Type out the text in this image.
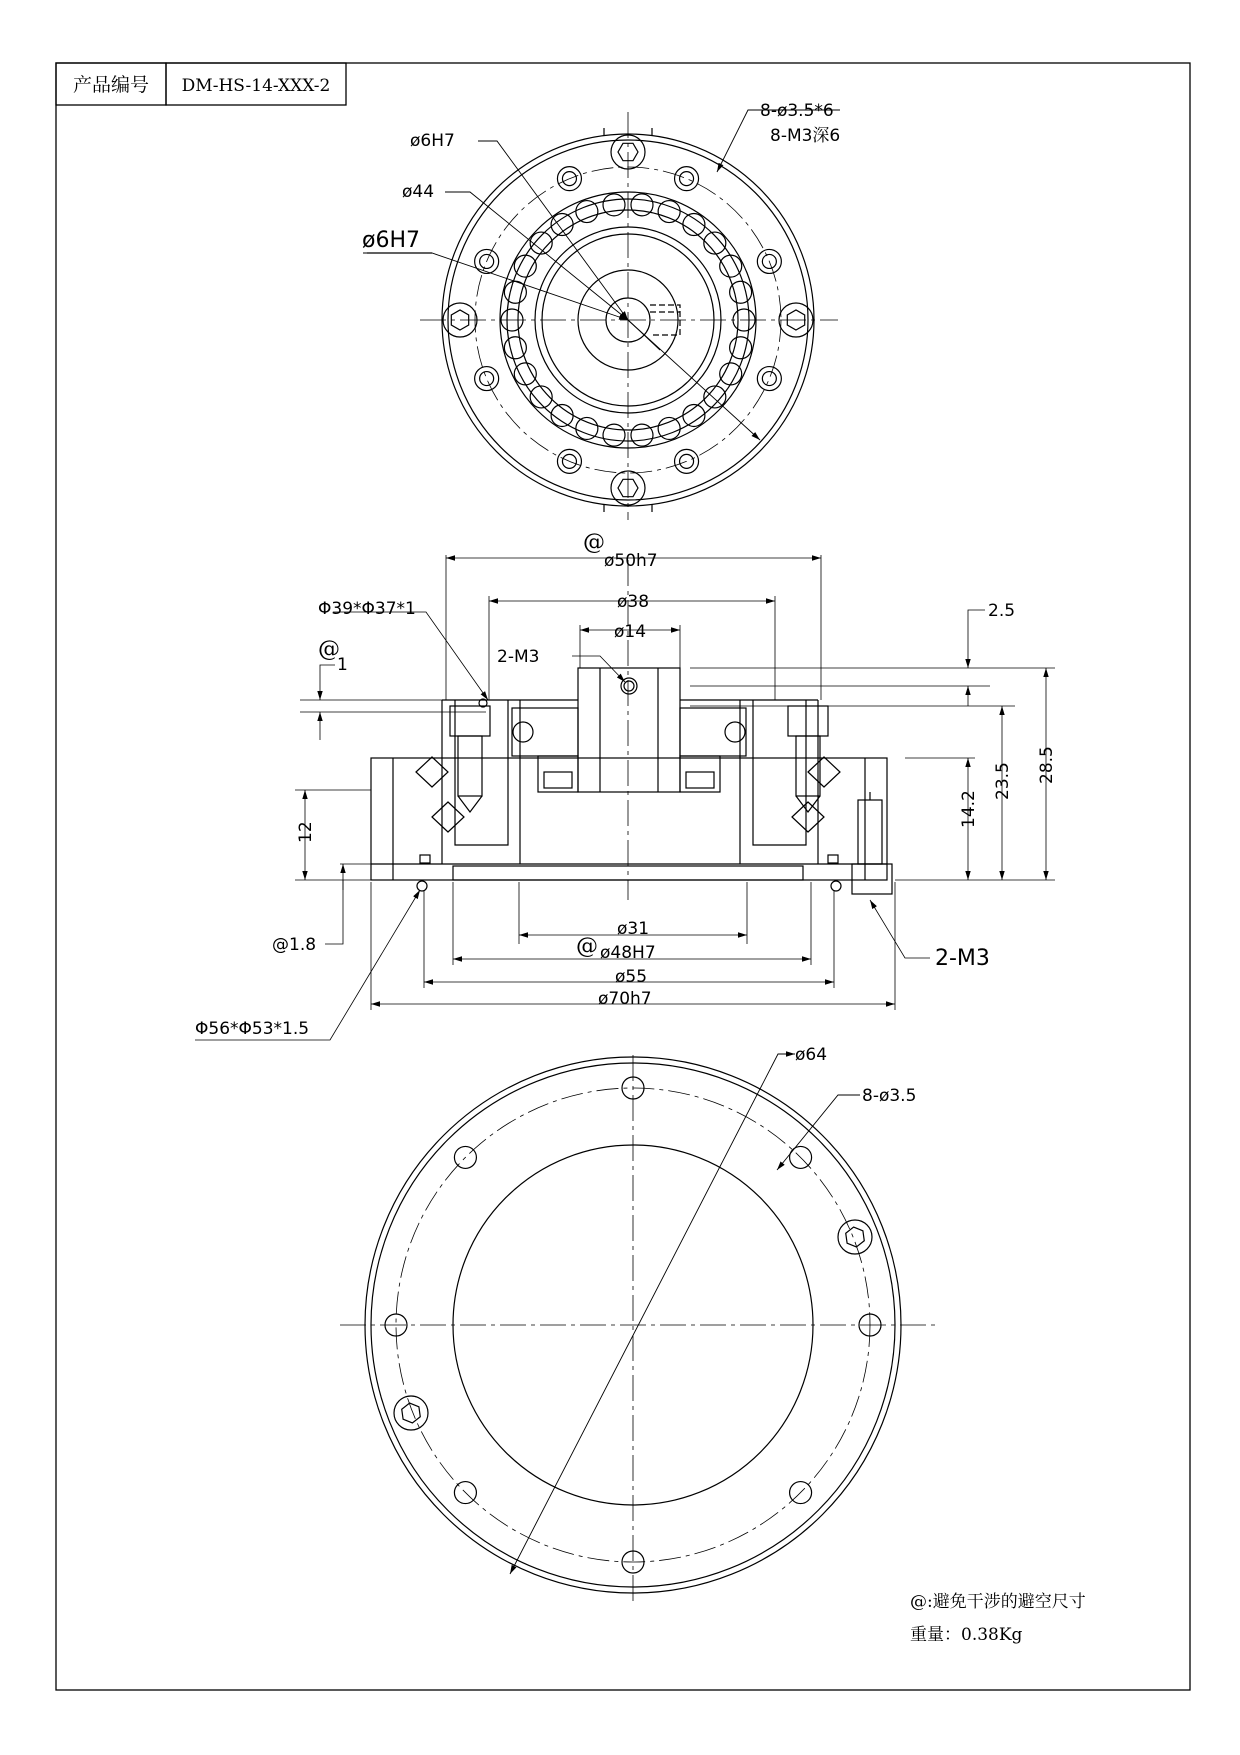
产品编号 DM-HS-14-XXX-2
8-ø3.5*6
8-M3深6
ø6H7
ø44
ø6H7
@
ø50h7
ø38
ø14
2-M3
Φ39*Φ37*1
@
1
2.5
14.2
23.5 28.5
12
@1.8
2-M3
ø31
@ ø48H7
ø55
ø70h7
Φ56*Φ53*1.5
ø64
8-ø3.5
@:避免干涉的避空尺寸
重量：0.38Kg
